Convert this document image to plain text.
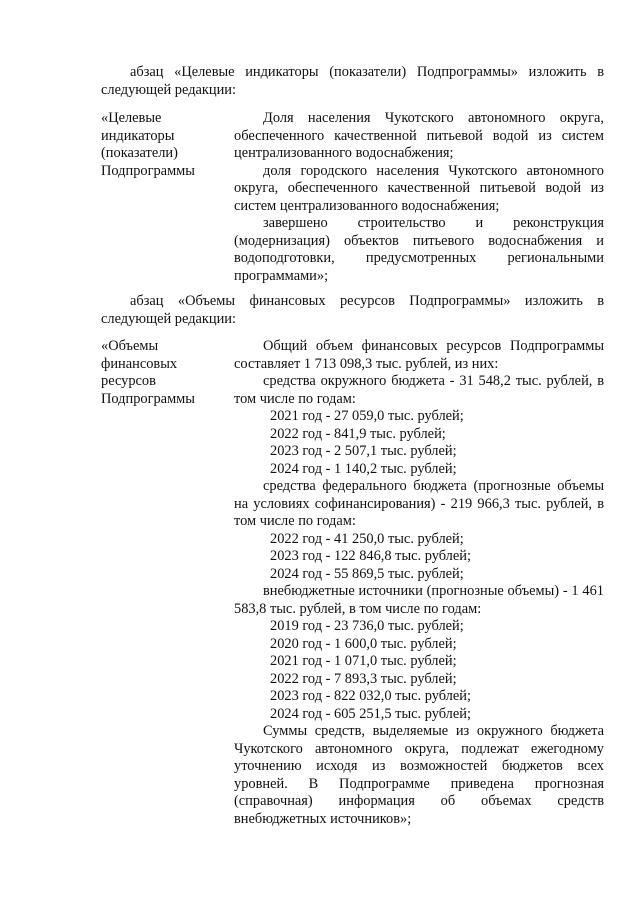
абзац «Целевые индикаторы (показатели) Подпрограммы» изложить в
следующей редакции:
«Целевые
индикаторы
(показатели)
Подпрограммы

Доля населения Чукотского автономного округа, обеспеченного качественной питьевой водой из систем централизованного водоснабжения;

доля городского населения Чукотского автономного округа, обеспеченного качественной питьевой водой из систем централизованного водоснабжения;

завершено строительство и реконструкция (модернизация) объектов питьевого водоснабжения и водоподготовки, предусмотренных региональными программами»;

абзац «Объемы финансовых ресурсов Подпрограммы» изложить в
следующей редакции:
«Объемы
финансовых
ресурсов
Подпрограммы

Общий объем финансовых ресурсов Подпрограммы составляет 1 713 098,3 тыс. рублей, из них:

средства окружного бюджета - 31 548,2 тыс. рублей, в том числе по годам:

2021 год - 27 059,0 тыс. рублей;
2022 год - 841,9 тыс. рублей;
2023 год - 2 507,1 тыс. рублей;
2024 год - 1 140,2 тыс. рублей;

средства федерального бюджета (прогнозные объемы на условиях софинансирования) - 219 966,3 тыс. рублей, в том числе по годам:

2022 год - 41 250,0 тыс. рублей;
2023 год - 122 846,8 тыс. рублей;
2024 год - 55 869,5 тыс. рублей;

внебюджетные источники (прогнозные объемы) - 1 461 583,8 тыс. рублей, в том числе по годам:

2019 год - 23 736,0 тыс. рублей;
2020 год - 1 600,0 тыс. рублей;
2021 год - 1 071,0 тыс. рублей;
2022 год - 7 893,3 тыс. рублей;
2023 год - 822 032,0 тыс. рублей;
2024 год - 605 251,5 тыс. рублей;

Суммы средств, выделяемые из окружного бюджета Чукотского автономного округа, подлежат ежегодному уточнению исходя из возможностей бюджетов всех уровней. В Подпрограмме приведена прогнозная (справочная) информация об объемах средств внебюджетных источников»;
